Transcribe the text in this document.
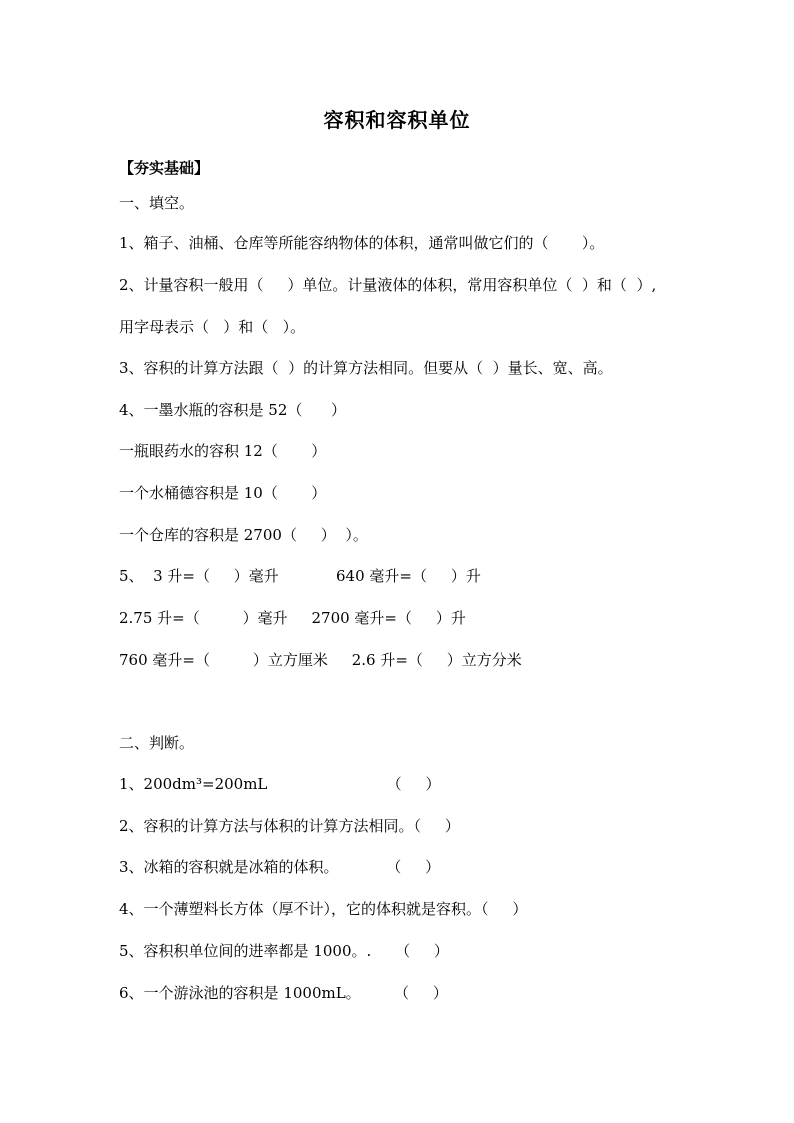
容积和容积单位
【夯实基础】
一、填空。
1、箱子、油桶、仓库等所能容纳物体的体积，通常叫做它们的（       ）。
2、计量容积一般用（     ）单位。计量液体的体积，常用容积单位（  ）和（  ）,
用字母表示（   ）和（   ）。
3、容积的计算方法跟（  ）的计算方法相同。但要从（  ）量长、宽、高。
4、一墨水瓶的容积是 52（      ）
一瓶眼药水的容积 12（       ）
一个水桶德容积是 10（       ）
一个仓库的容积是 2700（     ）  ）。
5、  3 升=（     ）毫升            640 毫升=（     ）升
2.75 升=（         ）毫升     2700 毫升=（     ）升
760 毫升=（         ）立方厘米     2.6 升=（     ）立方分米
二、判断。
1、200dm³=200mL                         （     ）
2、容积的计算方法与体积的计算方法相同。（     ）
3、冰箱的容积就是冰箱的体积。          （     ）
4、一个薄塑料长方体（厚不计），它的体积就是容积。（     ）
5、容积积单位间的进率都是 1000。.     （     ）
6、一个游泳池的容积是 1000mL。       （     ）
